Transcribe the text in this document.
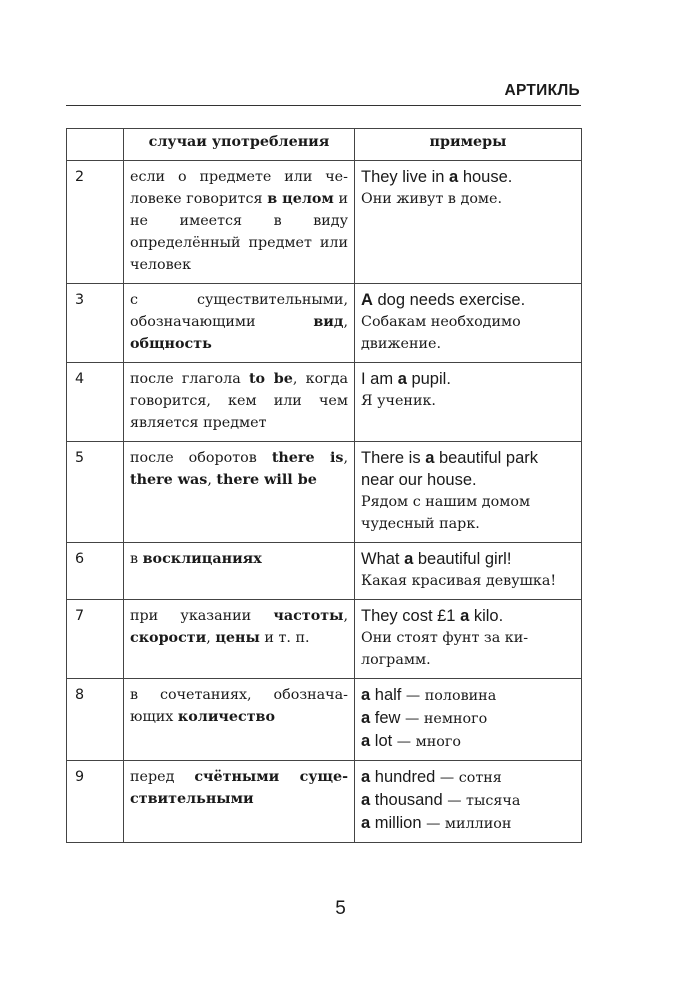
АРТИКЛЬ
	случаи употребления	примеры
2	если о предмете или человеке говорится в целом и не имеется в виду определённый предмет или человек	They live in a house.
Они живут в доме.

3	с существительными, обозначающими вид, общность	A dog needs exercise.
Собакам необходимо движение.

4	после глагола to be, когда говорится, кем или чем является предмет	I am a pupil.
Я ученик.

5	после оборотов there is, there was, there will be	There is a beautiful park near our house.
Рядом с нашим домом чудесный парк.

6	в восклицаниях	What a beautiful girl!
Какая красивая девушка!

7	при указании частоты, скорости, цены и т. п.	They cost £1 a kilo.
Они стоят фунт за килограмм.

8	в сочетаниях, обозначающих количество	a half — половина
a few — немного
a lot — много

9	перед счётными существительными	a hundred — сотня
a thousand — тысяча
a million — миллион
5
